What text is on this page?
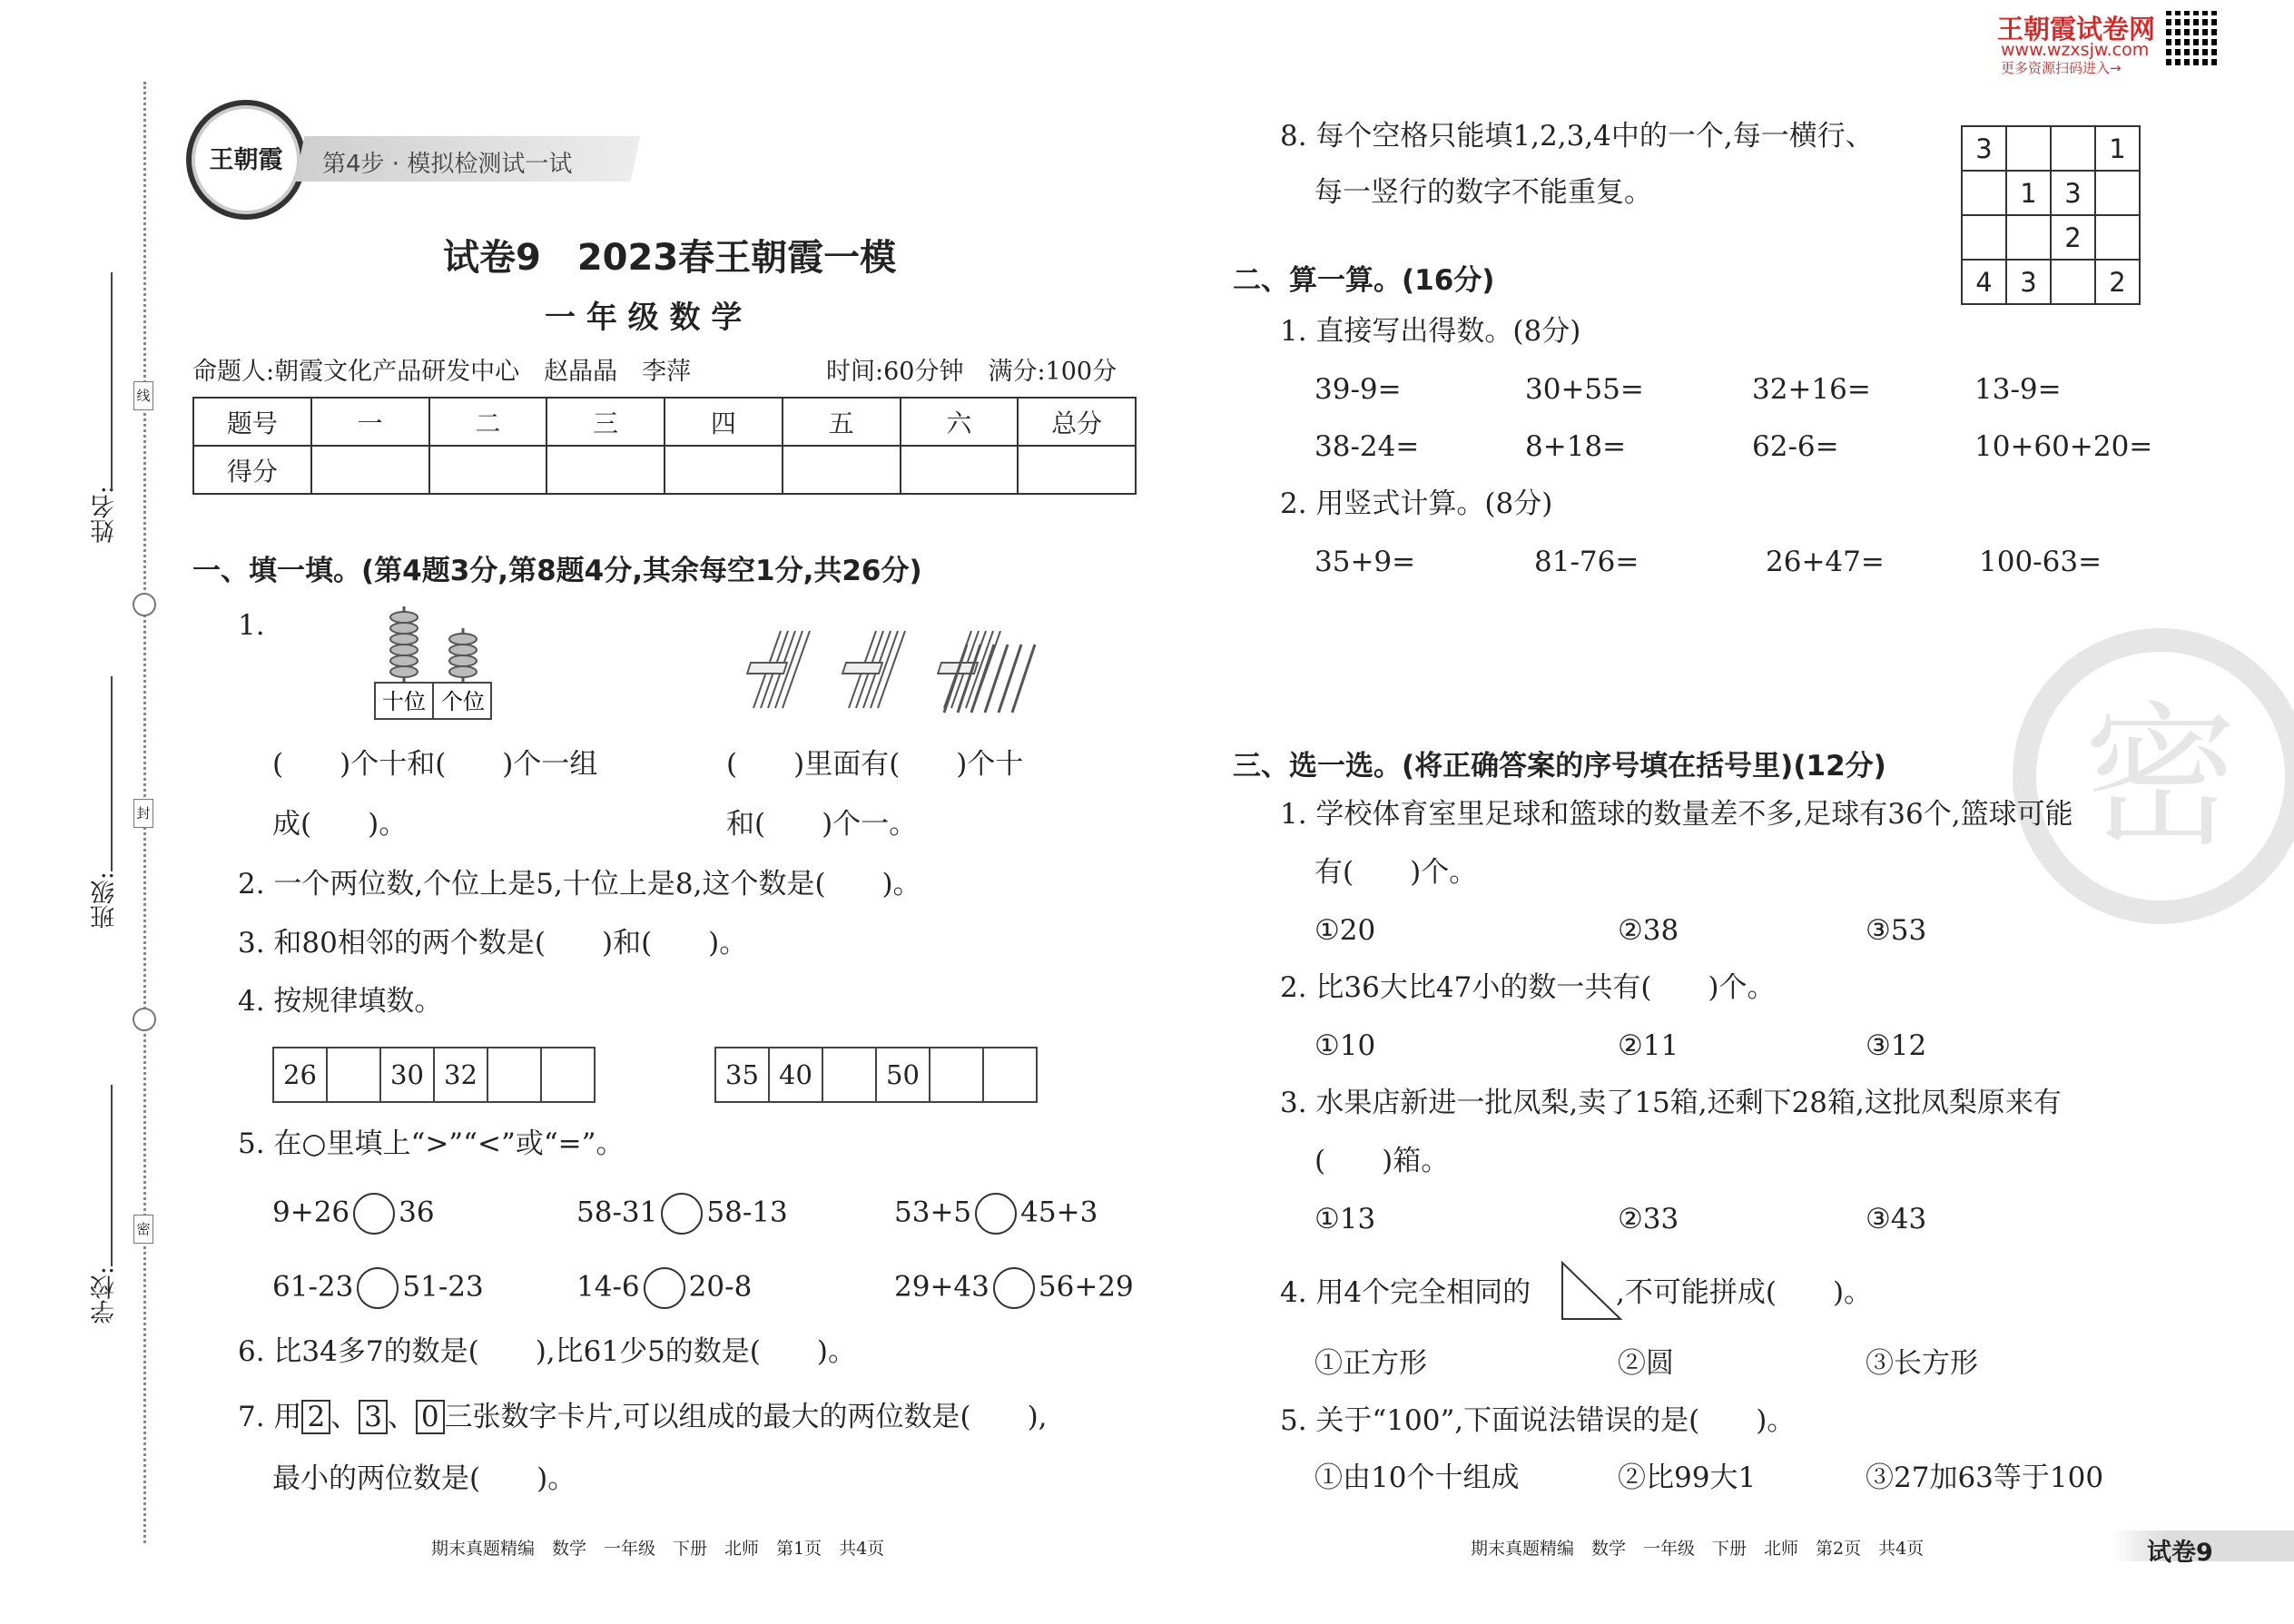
王朝霞试卷网
www.wzxsjw.com
更多资源扫码进入→
密
姓名:
班级:
学校:
线
封
密
王朝霞	第4步 · 模拟检测试一试
试卷9　2023春王朝霞一模
一 年 级 数 学
命题人:朝霞文化产品研发中心　赵晶晶　李萍	时间:60分钟　满分:100分
题号	一	二	三	四	五	六	总分
得分							
一、填一填。(第4题3分,第8题4分,其余每空1分,共26分)
1.
十位 个位
(　　)个十和(　　)个一组
成(　　)。
(　　)里面有(　　)个十
和(　　)个一。
2. 一个两位数,个位上是5,十位上是8,这个数是(　　)。
3. 和80相邻的两个数是(　　)和(　　)。
4. 按规律填数。
26	30 32	35 40	50
5. 在○里填上“>”“<”或“=”。
9+26 36	58-31 58-13	53+5 45+3
61-23 51-23	14-6 20-8	29+43 56+29
6. 比34多7的数是(　　),比61少5的数是(　　)。
7. 用 2 、 3 、 0 三张数字卡片,可以组成的最大的两位数是(　　),
最小的两位数是(　　)。
8. 每个空格只能填1,2,3,4中的一个,每一横行、
每一竖行的数字不能重复。
3			1
	1	3	
		2	
4	3		2
二、算一算。(16分)
1. 直接写出得数。(8分)
39-9=	30+55=	32+16=	13-9=
38-24=	8+18=	62-6=	10+60+20=
2. 用竖式计算。(8分)
35+9=	81-76=	26+47=	100-63=
三、选一选。(将正确答案的序号填在括号里)(12分)
1. 学校体育室里足球和篮球的数量差不多,足球有36个,篮球可能
有(　　)个。
①20	②38	③53
2. 比36大比47小的数一共有(　　)个。
①10	②11	③12
3. 水果店新进一批凤梨,卖了15箱,还剩下28箱,这批凤梨原来有
(　　)箱。
①13	②33	③43
4. 用4个完全相同的	,不可能拼成(　　)。
①正方形	②圆	③长方形
5. 关于“100”,下面说法错误的是(　　)。
①由10个十组成	②比99大1	③27加63等于100
期末真题精编　数学　一年级　下册　北师　第1页　共4页	期末真题精编　数学　一年级　下册　北师　第2页　共4页	试卷9
